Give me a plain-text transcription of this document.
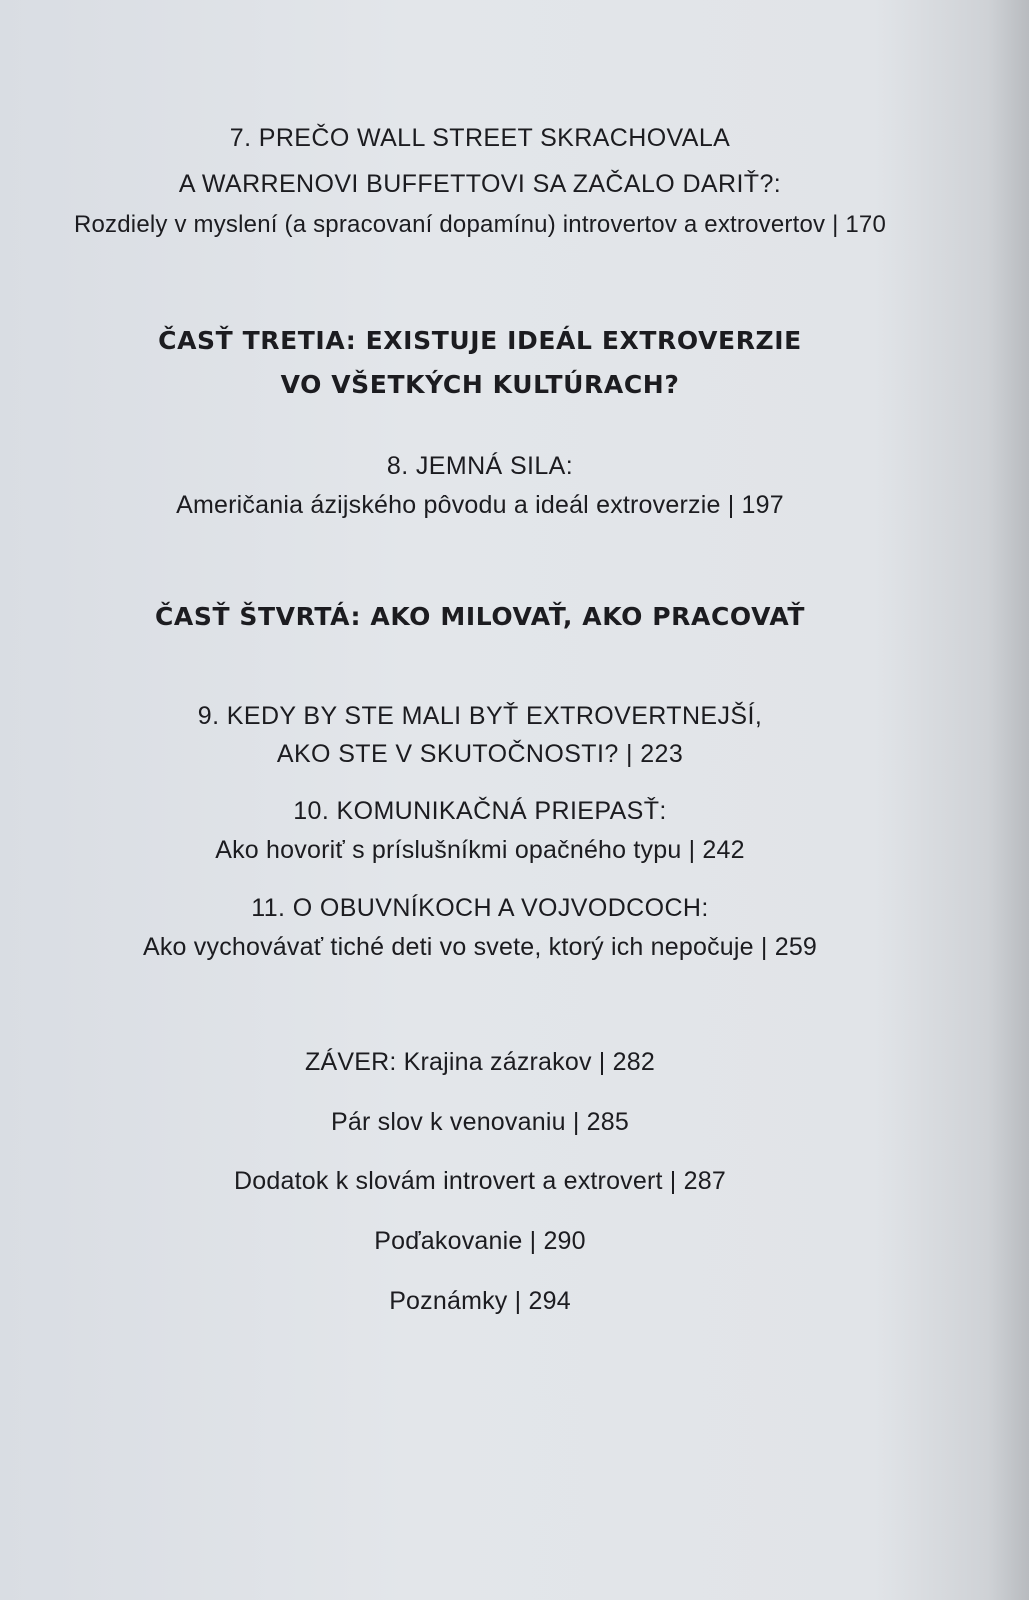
7. PREČO WALL STREET SKRACHOVALA
A WARRENOVI BUFFETTOVI SA ZAČALO DARIŤ?:
Rozdiely v myslení (a spracovaní dopamínu) introvertov a extrovertov | 170
ČASŤ TRETIA: EXISTUJE IDEÁL EXTROVERZIE
VO VŠETKÝCH KULTÚRACH?
8. JEMNÁ SILA:
Američania ázijského pôvodu a ideál extroverzie | 197
ČASŤ ŠTVRTÁ: AKO MILOVAŤ, AKO PRACOVAŤ
9. KEDY BY STE MALI BYŤ EXTROVERTNEJŠÍ,
AKO STE V SKUTOČNOSTI? | 223
10. KOMUNIKAČNÁ PRIEPASŤ:
Ako hovoriť s príslušníkmi opačného typu | 242
11. O OBUVNÍKOCH A VOJVODCOCH:
Ako vychovávať tiché deti vo svete, ktorý ich nepočuje | 259
ZÁVER: Krajina zázrakov | 282
Pár slov k venovaniu | 285
Dodatok k slovám introvert a extrovert | 287
Poďakovanie | 290
Poznámky | 294
